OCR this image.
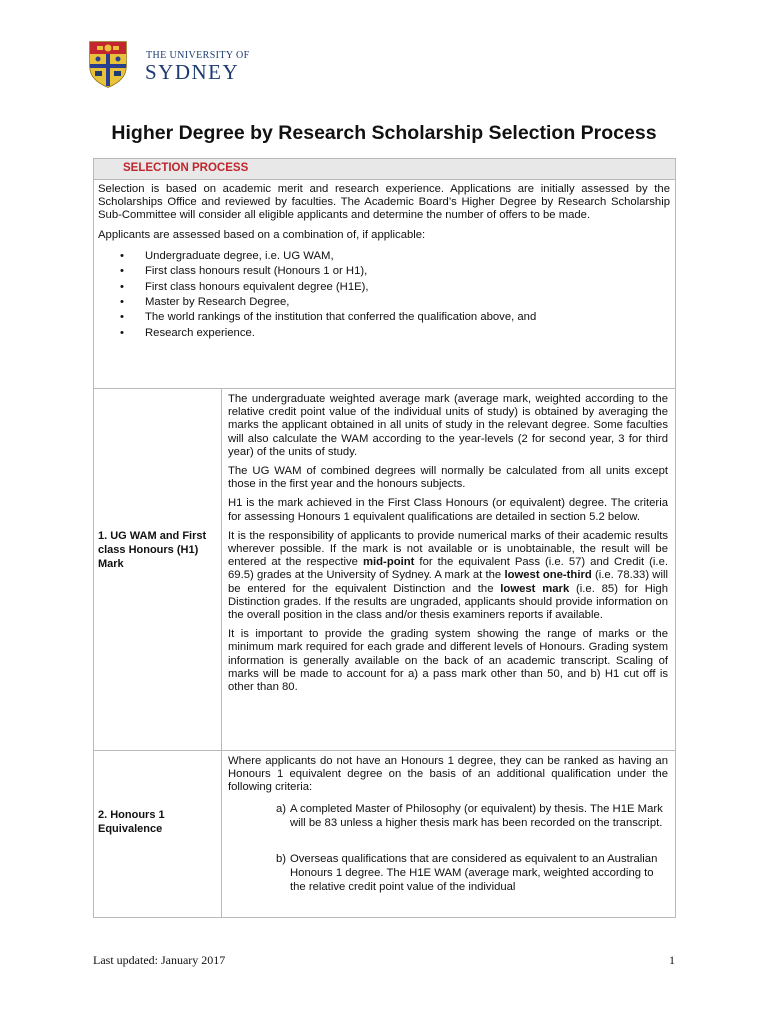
THE UNIVERSITY OF
SYDNEY
Higher Degree by Research Scholarship Selection Process
SELECTION PROCESS

Selection is based on academic merit and research experience. Applications are initially assessed by the Scholarships Office and reviewed by faculties. The Academic Board’s Higher Degree by Research Scholarship Sub-Committee will consider all eligible applicants and determine the number of offers to be made.

Applicants are assessed based on a combination of, if applicable:

• Undergraduate degree, i.e. UG WAM,
• First class honours result (Honours 1 or H1),
• First class honours equivalent degree (H1E),
• Master by Research Degree,
• The world rankings of the institution that conferred the qualification above, and
• Research experience.
1. UG WAM and First class Honours (H1) Mark

The undergraduate weighted average mark (average mark, weighted according to the relative credit point value of the individual units of study) is obtained by averaging the marks the applicant obtained in all units of study in the relevant degree. Some faculties will also calculate the WAM according to the year-levels (2 for second year, 3 for third year) of the units of study.

The UG WAM of combined degrees will normally be calculated from all units except those in the first year and the honours subjects.

H1 is the mark achieved in the First Class Honours (or equivalent) degree. The criteria for assessing Honours 1 equivalent qualifications are detailed in section 5.2 below.

It is the responsibility of applicants to provide numerical marks of their academic results wherever possible. If the mark is not available or is unobtainable, the result will be entered at the respective mid-point for the equivalent Pass (i.e. 57) and Credit (i.e. 69.5) grades at the University of Sydney. A mark at the lowest one-third (i.e. 78.33) will be entered for the equivalent Distinction and the lowest mark (i.e. 85) for High Distinction grades. If the results are ungraded, applicants should provide information on the overall position in the class and/or thesis examiners reports if available.

It is important to provide the grading system showing the range of marks or the minimum mark required for each grade and different levels of Honours. Grading system information is generally available on the back of an academic transcript. Scaling of marks will be made to account for a) a pass mark other than 50, and b) H1 cut off is other than 80.

2. Honours 1 Equivalence

Where applicants do not have an Honours 1 degree, they can be ranked as having an Honours 1 equivalent degree on the basis of an additional qualification under the following criteria:

a) A completed Master of Philosophy (or equivalent) by thesis. The H1E Mark will be 83 unless a higher thesis mark has been recorded on the transcript.
b) Overseas qualifications that are considered as equivalent to an Australian Honours 1 degree. The H1E WAM (average mark, weighted according to the relative credit point value of the individual
Last updated: January 2017	1
